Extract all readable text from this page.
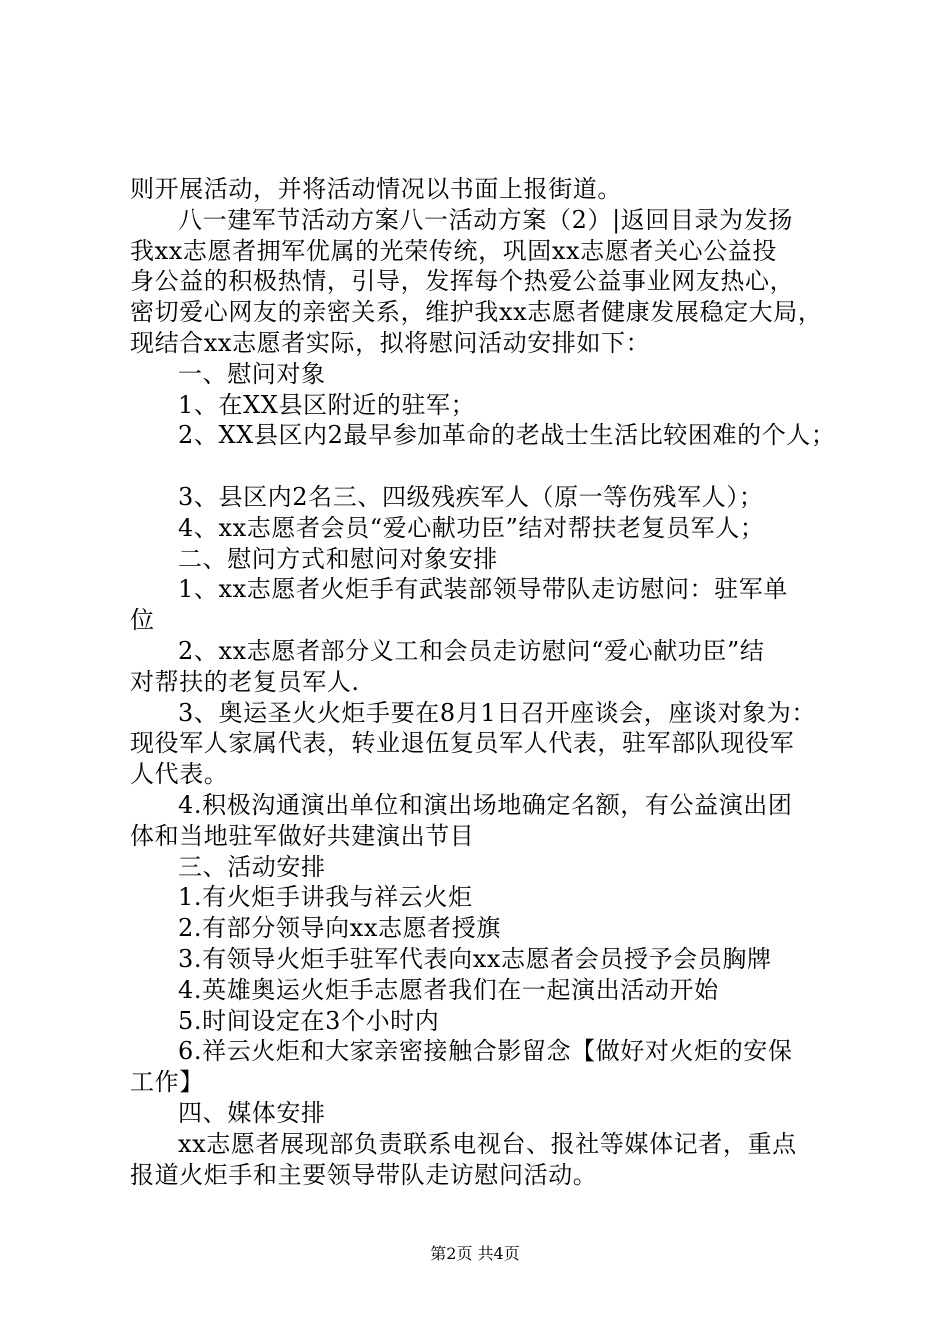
则开展活动，并将活动情况以书面上报街道。
八一建军节活动方案八一活动方案（2）|返回目录为发扬
我xx志愿者拥军优属的光荣传统，巩固xx志愿者关心公益投
身公益的积极热情，引导，发挥每个热爱公益事业网友热心，
密切爱心网友的亲密关系，维护我xx志愿者健康发展稳定大局，
现结合xx志愿者实际，拟将慰问活动安排如下：
一、慰问对象
1、在XX县区附近的驻军；
2、XX县区内2最早参加革命的老战士生活比较困难的个人；
3、县区内2名三、四级残疾军人（原一等伤残军人）；
4、xx志愿者会员“爱心献功臣”结对帮扶老复员军人；
二、慰问方式和慰问对象安排
1、xx志愿者火炬手有武装部领导带队走访慰问：驻军单
位
2、xx志愿者部分义工和会员走访慰问“爱心献功臣”结
对帮扶的老复员军人.
3、奥运圣火火炬手要在8月1日召开座谈会，座谈对象为：
现役军人家属代表，转业退伍复员军人代表，驻军部队现役军
人代表。
4.积极沟通演出单位和演出场地确定名额，有公益演出团
体和当地驻军做好共建演出节目
三、活动安排
1.有火炬手讲我与祥云火炬
2.有部分领导向xx志愿者授旗
3.有领导火炬手驻军代表向xx志愿者会员授予会员胸牌
4.英雄奥运火炬手志愿者我们在一起演出活动开始
5.时间设定在3个小时内
6.祥云火炬和大家亲密接触合影留念【做好对火炬的安保
工作】
四、媒体安排
xx志愿者展现部负责联系电视台、报社等媒体记者，重点
报道火炬手和主要领导带队走访慰问活动。
第2页 共4页
